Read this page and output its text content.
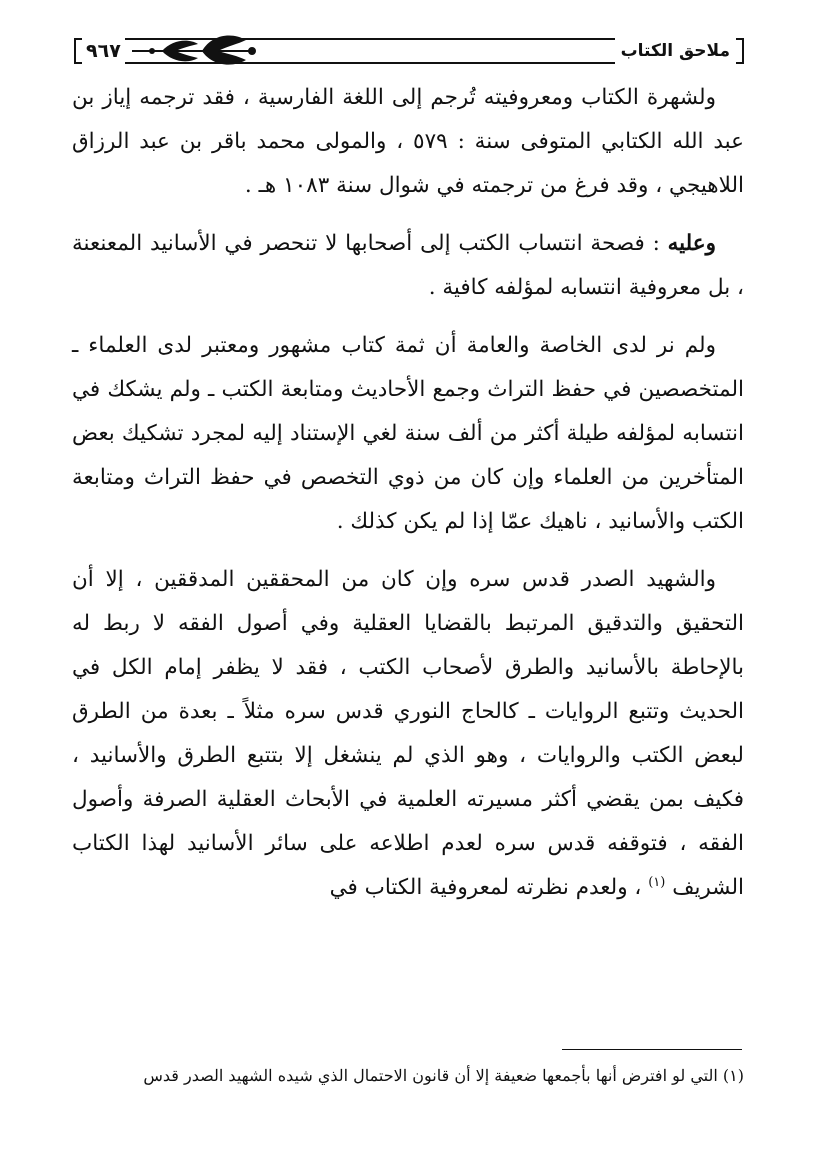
٩٦٧	ملاحق الكتاب

ولشهرة الكتاب ومعروفيته تُرجم إلى اللغة الفارسية ، فقد ترجمه إياز بن عبد الله الكتابي المتوفى سنة : ٥٧٩ ، والمولى محمد باقر بن عبد الرزاق اللاهيجي ، وقد فرغ من ترجمته في شوال سنة ١٠٨٣ هـ .

وعليه : فصحة انتساب الكتب إلى أصحابها لا تنحصر في الأسانيد المعنعنة ، بل معروفية انتسابه لمؤلفه كافية .

ولم نر لدى الخاصة والعامة أن ثمة كتاب مشهور ومعتبر لدى العلماء ـ المتخصصين في حفظ التراث وجمع الأحاديث ومتابعة الكتب ـ ولم يشكك في انتسابه لمؤلفه طيلة أكثر من ألف سنة لغي الإستناد إليه لمجرد تشكيك بعض المتأخرين من العلماء وإن كان من ذوي التخصص في حفظ التراث ومتابعة الكتب والأسانيد ، ناهيك عمّا إذا لم يكن كذلك .

والشهيد الصدر قدس سره وإن كان من المحققين المدققين ، إلا أن التحقيق والتدقيق المرتبط بالقضايا العقلية وفي أصول الفقه لا ربط له بالإحاطة بالأسانيد والطرق لأصحاب الكتب ، فقد لا يظفر إمام الكل في الحديث وتتبع الروايات ـ كالحاج النوري قدس سره مثلاً ـ بعدة من الطرق لبعض الكتب والروايات ، وهو الذي لم ينشغل إلا بتتبع الطرق والأسانيد ، فكيف بمن يقضي أكثر مسيرته العلمية في الأبحاث العقلية الصرفة وأصول الفقه ، فتوقفه قدس سره لعدم اطلاعه على سائر الأسانيد لهذا الكتاب الشريف $^{(١)}$ ، ولعدم نظرته لمعروفية الكتاب في

(١) التي لو افترض أنها بأجمعها ضعيفة إلا أن قانون الاحتمال الذي شيده الشهيد الصدر قدس
